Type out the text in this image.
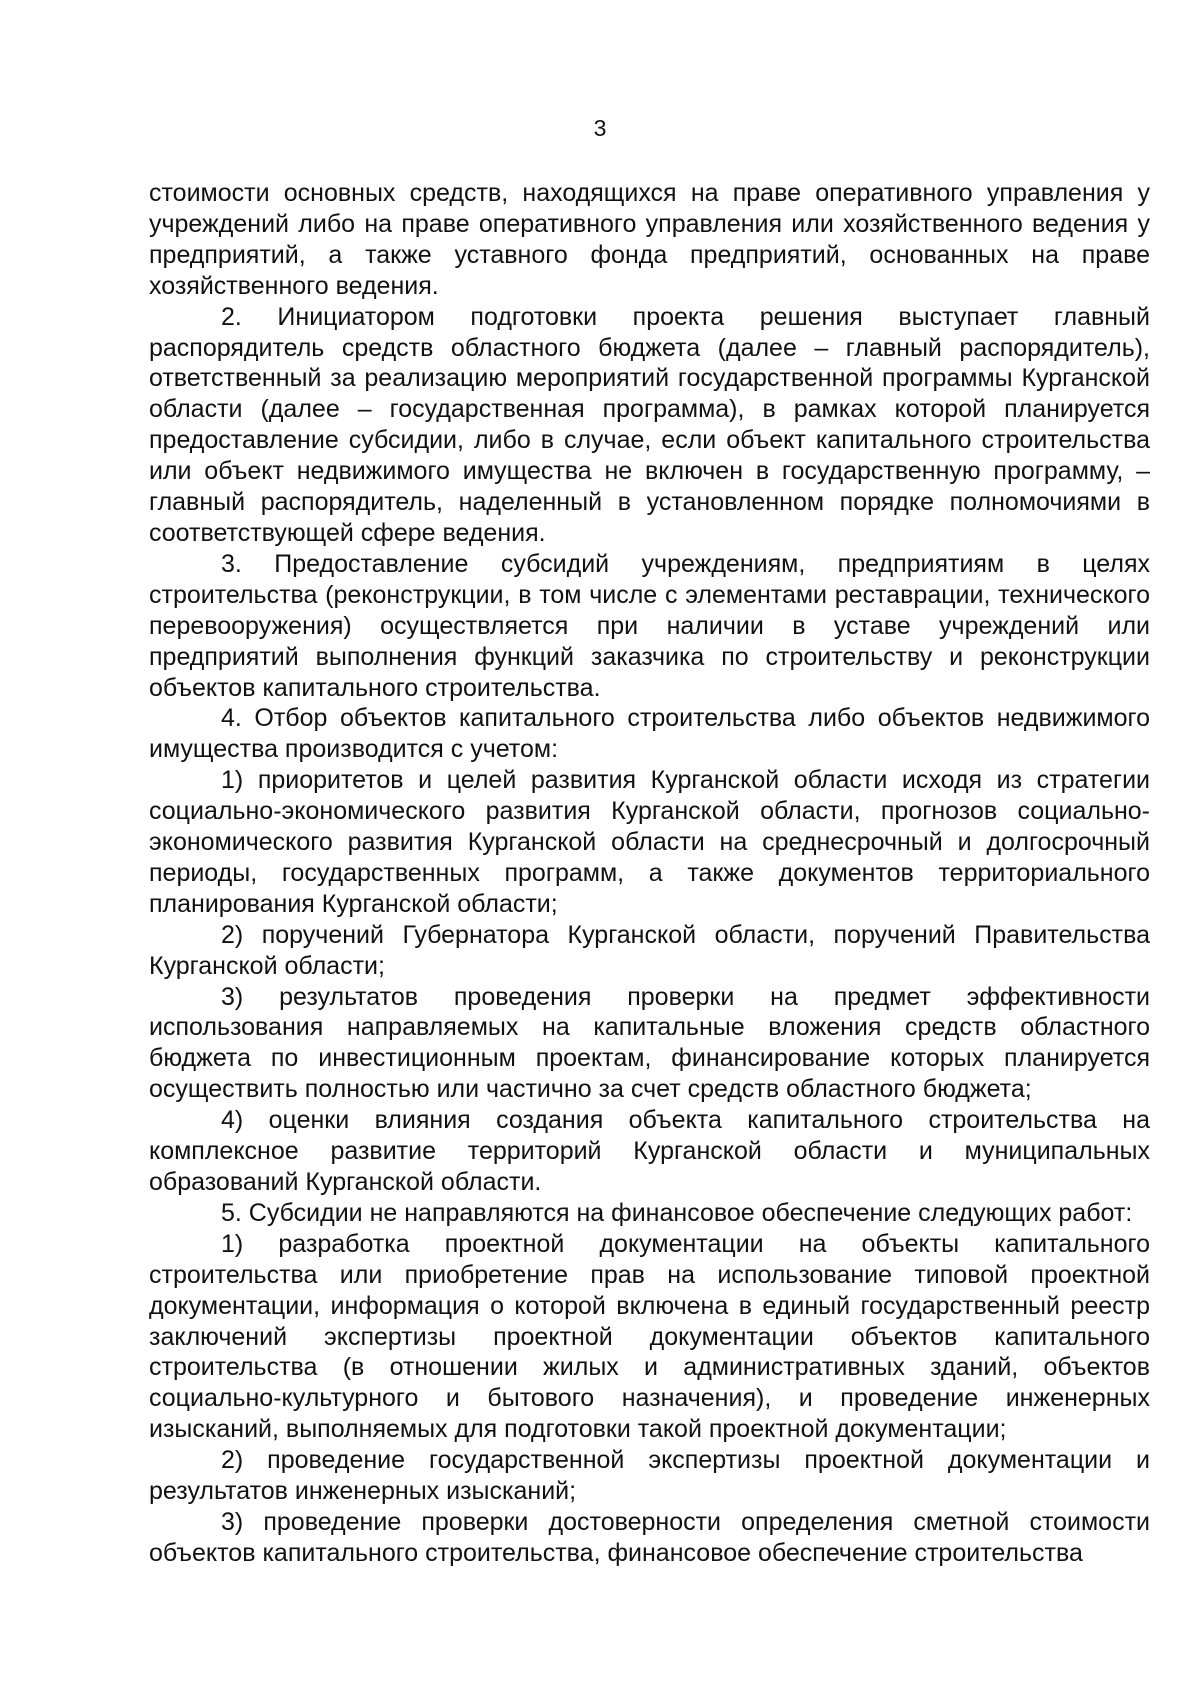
3

стоимости основных средств, находящихся на праве оперативного управления у учреждений либо на праве оперативного управления или хозяйственного ведения у предприятий, а также уставного фонда предприятий, основанных на праве хозяйственного ведения.

2. Инициатором подготовки проекта решения выступает главный распорядитель средств областного бюджета (далее – главный распорядитель), ответственный за реализацию мероприятий государственной программы Курганской области (далее – государственная программа), в рамках которой планируется предоставление субсидии, либо в случае, если объект капитального строительства или объект недвижимого имущества не включен в государственную программу, – главный распорядитель, наделенный в установленном порядке полномочиями в соответствующей сфере ведения.

3. Предоставление субсидий учреждениям, предприятиям в целях строительства (реконструкции, в том числе с элементами реставрации, технического перевооружения) осуществляется при наличии в уставе учреждений или предприятий выполнения функций заказчика по строительству и реконструкции объектов капитального строительства.

4. Отбор объектов капитального строительства либо объектов недвижимого имущества производится с учетом:

1) приоритетов и целей развития Курганской области исходя из стратегии социально-экономического развития Курганской области, прогнозов социально-экономического развития Курганской области на среднесрочный и долгосрочный периоды, государственных программ, а также документов территориального планирования Курганской области;

2) поручений Губернатора Курганской области, поручений Правительства Курганской области;

3) результатов проведения проверки на предмет эффективности использования направляемых на капитальные вложения средств областного бюджета по инвестиционным проектам, финансирование которых планируется осуществить полностью или частично за счет средств областного бюджета;

4) оценки влияния создания объекта капитального строительства на комплексное развитие территорий Курганской области и муниципальных образований Курганской области.

5. Субсидии не направляются на финансовое обеспечение следующих работ:

1) разработка проектной документации на объекты капитального строительства или приобретение прав на использование типовой проектной документации, информация о которой включена в единый государственный реестр заключений экспертизы проектной документации объектов капитального строительства (в отношении жилых и административных зданий, объектов социально-культурного и бытового назначения), и проведение инженерных изысканий, выполняемых для подготовки такой проектной документации;

2) проведение государственной экспертизы проектной документации и результатов инженерных изысканий;

3) проведение проверки достоверности определения сметной стоимости объектов капитального строительства, финансовое обеспечение строительства
